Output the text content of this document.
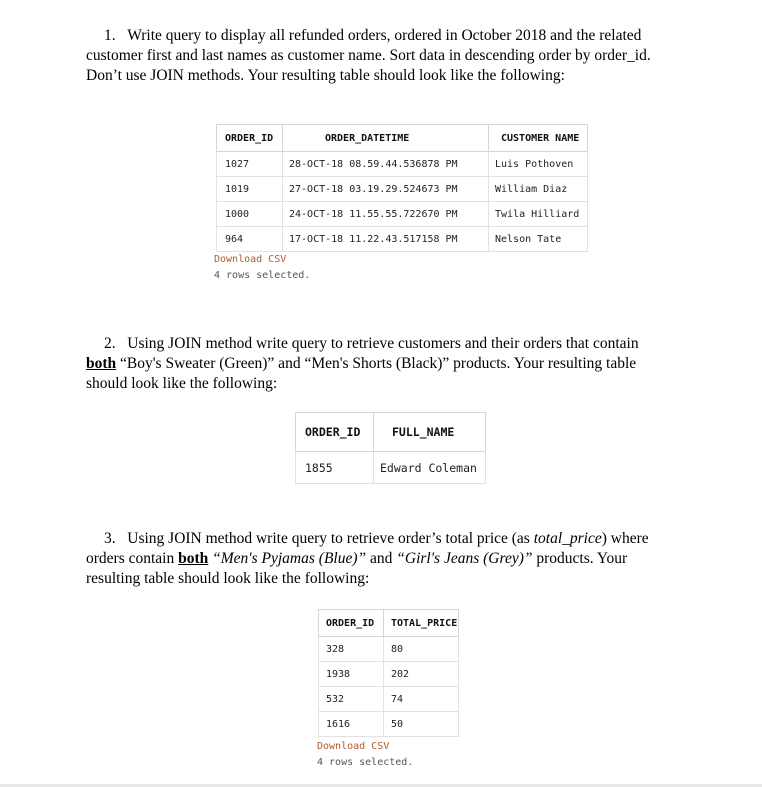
1. Write query to display all refunded orders, ordered in October 2018 and the related
customer first and last names as customer name. Sort data in descending order by order_id.
Don’t use JOIN methods. Your resulting table should look like the following:
ORDER_ID	ORDER_DATETIME	CUSTOMER NAME
1027	28-OCT-18 08.59.44.536878 PM	Luis Pothoven
1019	27-OCT-18 03.19.29.524673 PM	William Diaz
1000	24-OCT-18 11.55.55.722670 PM	Twila Hilliard
964	17-OCT-18 11.22.43.517158 PM	Nelson Tate
Download CSV
4 rows selected.
2. Using JOIN method write query to retrieve customers and their orders that contain
both “Boy's Sweater (Green)” and “Men's Shorts (Black)” products. Your resulting table
should look like the following:
ORDER_ID	FULL_NAME
1855	Edward Coleman
3. Using JOIN method write query to retrieve order’s total price (as total_price) where
orders contain both “Men's Pyjamas (Blue)” and “Girl's Jeans (Grey)” products. Your
resulting table should look like the following:
ORDER_ID	TOTAL_PRICE
328	80
1938	202
532	74
1616	50
Download CSV
4 rows selected.
